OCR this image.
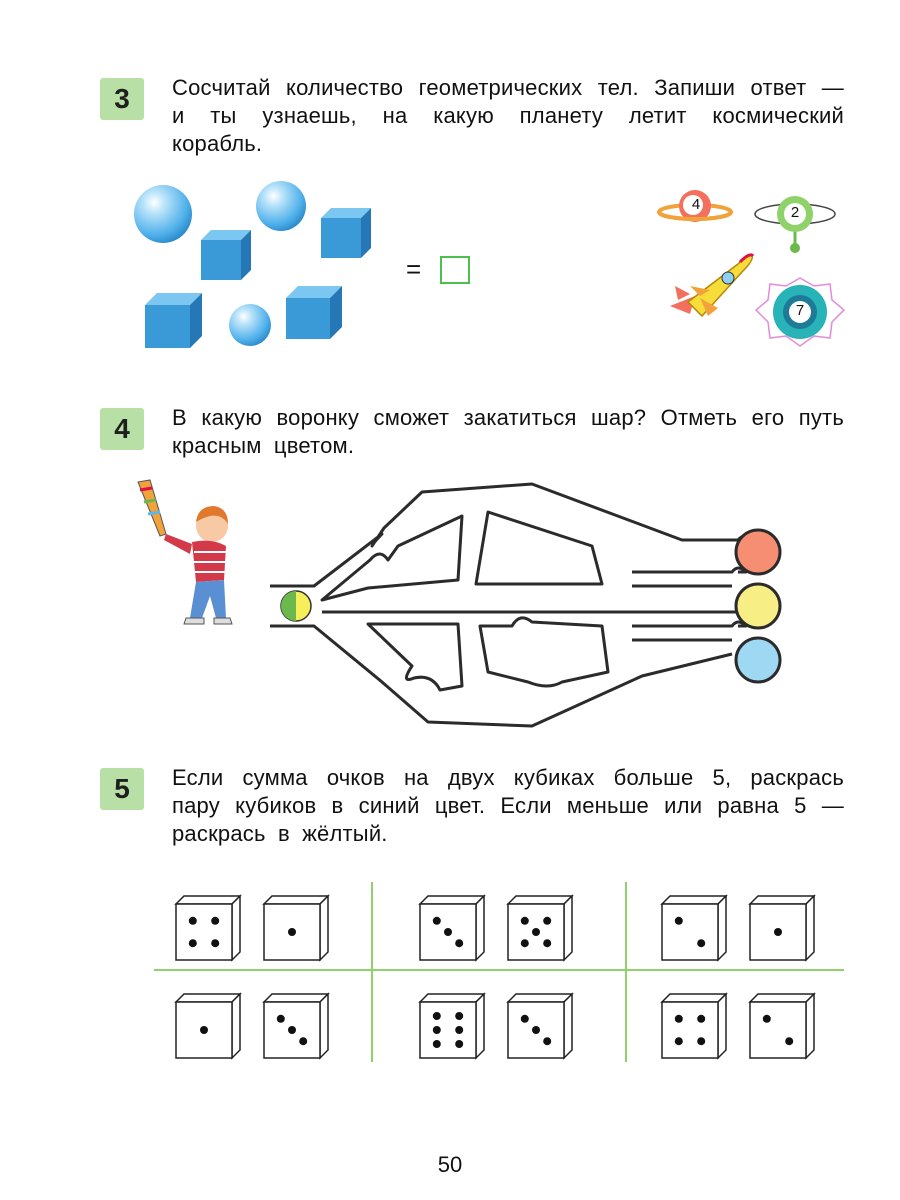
3	Сосчитай количество геометрических тел. Запиши ответ — и ты узнаешь, на какую планету летит космический корабль.
=
4	2
7
4	В какую воронку сможет закатиться шар? Отметь его путь красным цветом.
5	Если сумма очков на двух кубиках больше 5, раскрась пару кубиков в синий цвет. Если меньше или равна 5 — раскрась в жёлтый.
50
